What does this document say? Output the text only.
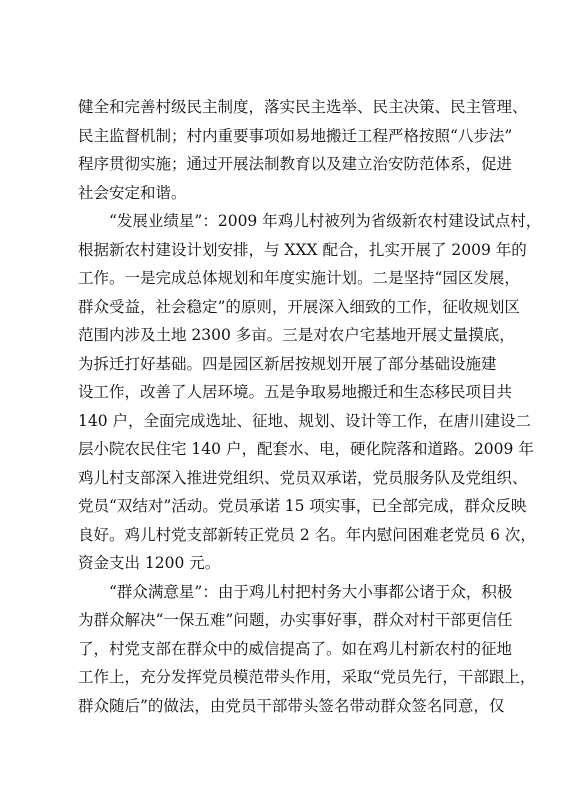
健全和完善村级民主制度，落实民主选举、民主决策、民主管理、
民主监督机制；村内重要事项如易地搬迁工程严格按照“八步法”
程序贯彻实施；通过开展法制教育以及建立治安防范体系，促进
社会安定和谐。
“发展业绩星”：2009 年鸡儿村被列为省级新农村建设试点村，
根据新农村建设计划安排，与 XXX 配合，扎实开展了 2009 年的
工作。一是完成总体规划和年度实施计划。二是坚持“园区发展，
群众受益，社会稳定”的原则，开展深入细致的工作，征收规划区
范围内涉及土地 2300 多亩。三是对农户宅基地开展丈量摸底，
为拆迁打好基础。四是园区新居按规划开展了部分基础设施建
设工作，改善了人居环境。五是争取易地搬迁和生态移民项目共
140 户，全面完成选址、征地、规划、设计等工作，在唐川建设二
层小院农民住宅 140 户，配套水、电，硬化院落和道路。2009 年
鸡儿村支部深入推进党组织、党员双承诺，党员服务队及党组织、
党员“双结对”活动。党员承诺 15 项实事，已全部完成，群众反映
良好。鸡儿村党支部新转正党员 2 名。年内慰问困难老党员 6 次，
资金支出 1200 元。
“群众满意星”：由于鸡儿村把村务大小事都公诸于众，积极
为群众解决“一保五难”问题，办实事好事，群众对村干部更信任
了，村党支部在群众中的威信提高了。如在鸡儿村新农村的征地
工作上，充分发挥党员模范带头作用，采取“党员先行，干部跟上，
群众随后”的做法，由党员干部带头签名带动群众签名同意，仅
